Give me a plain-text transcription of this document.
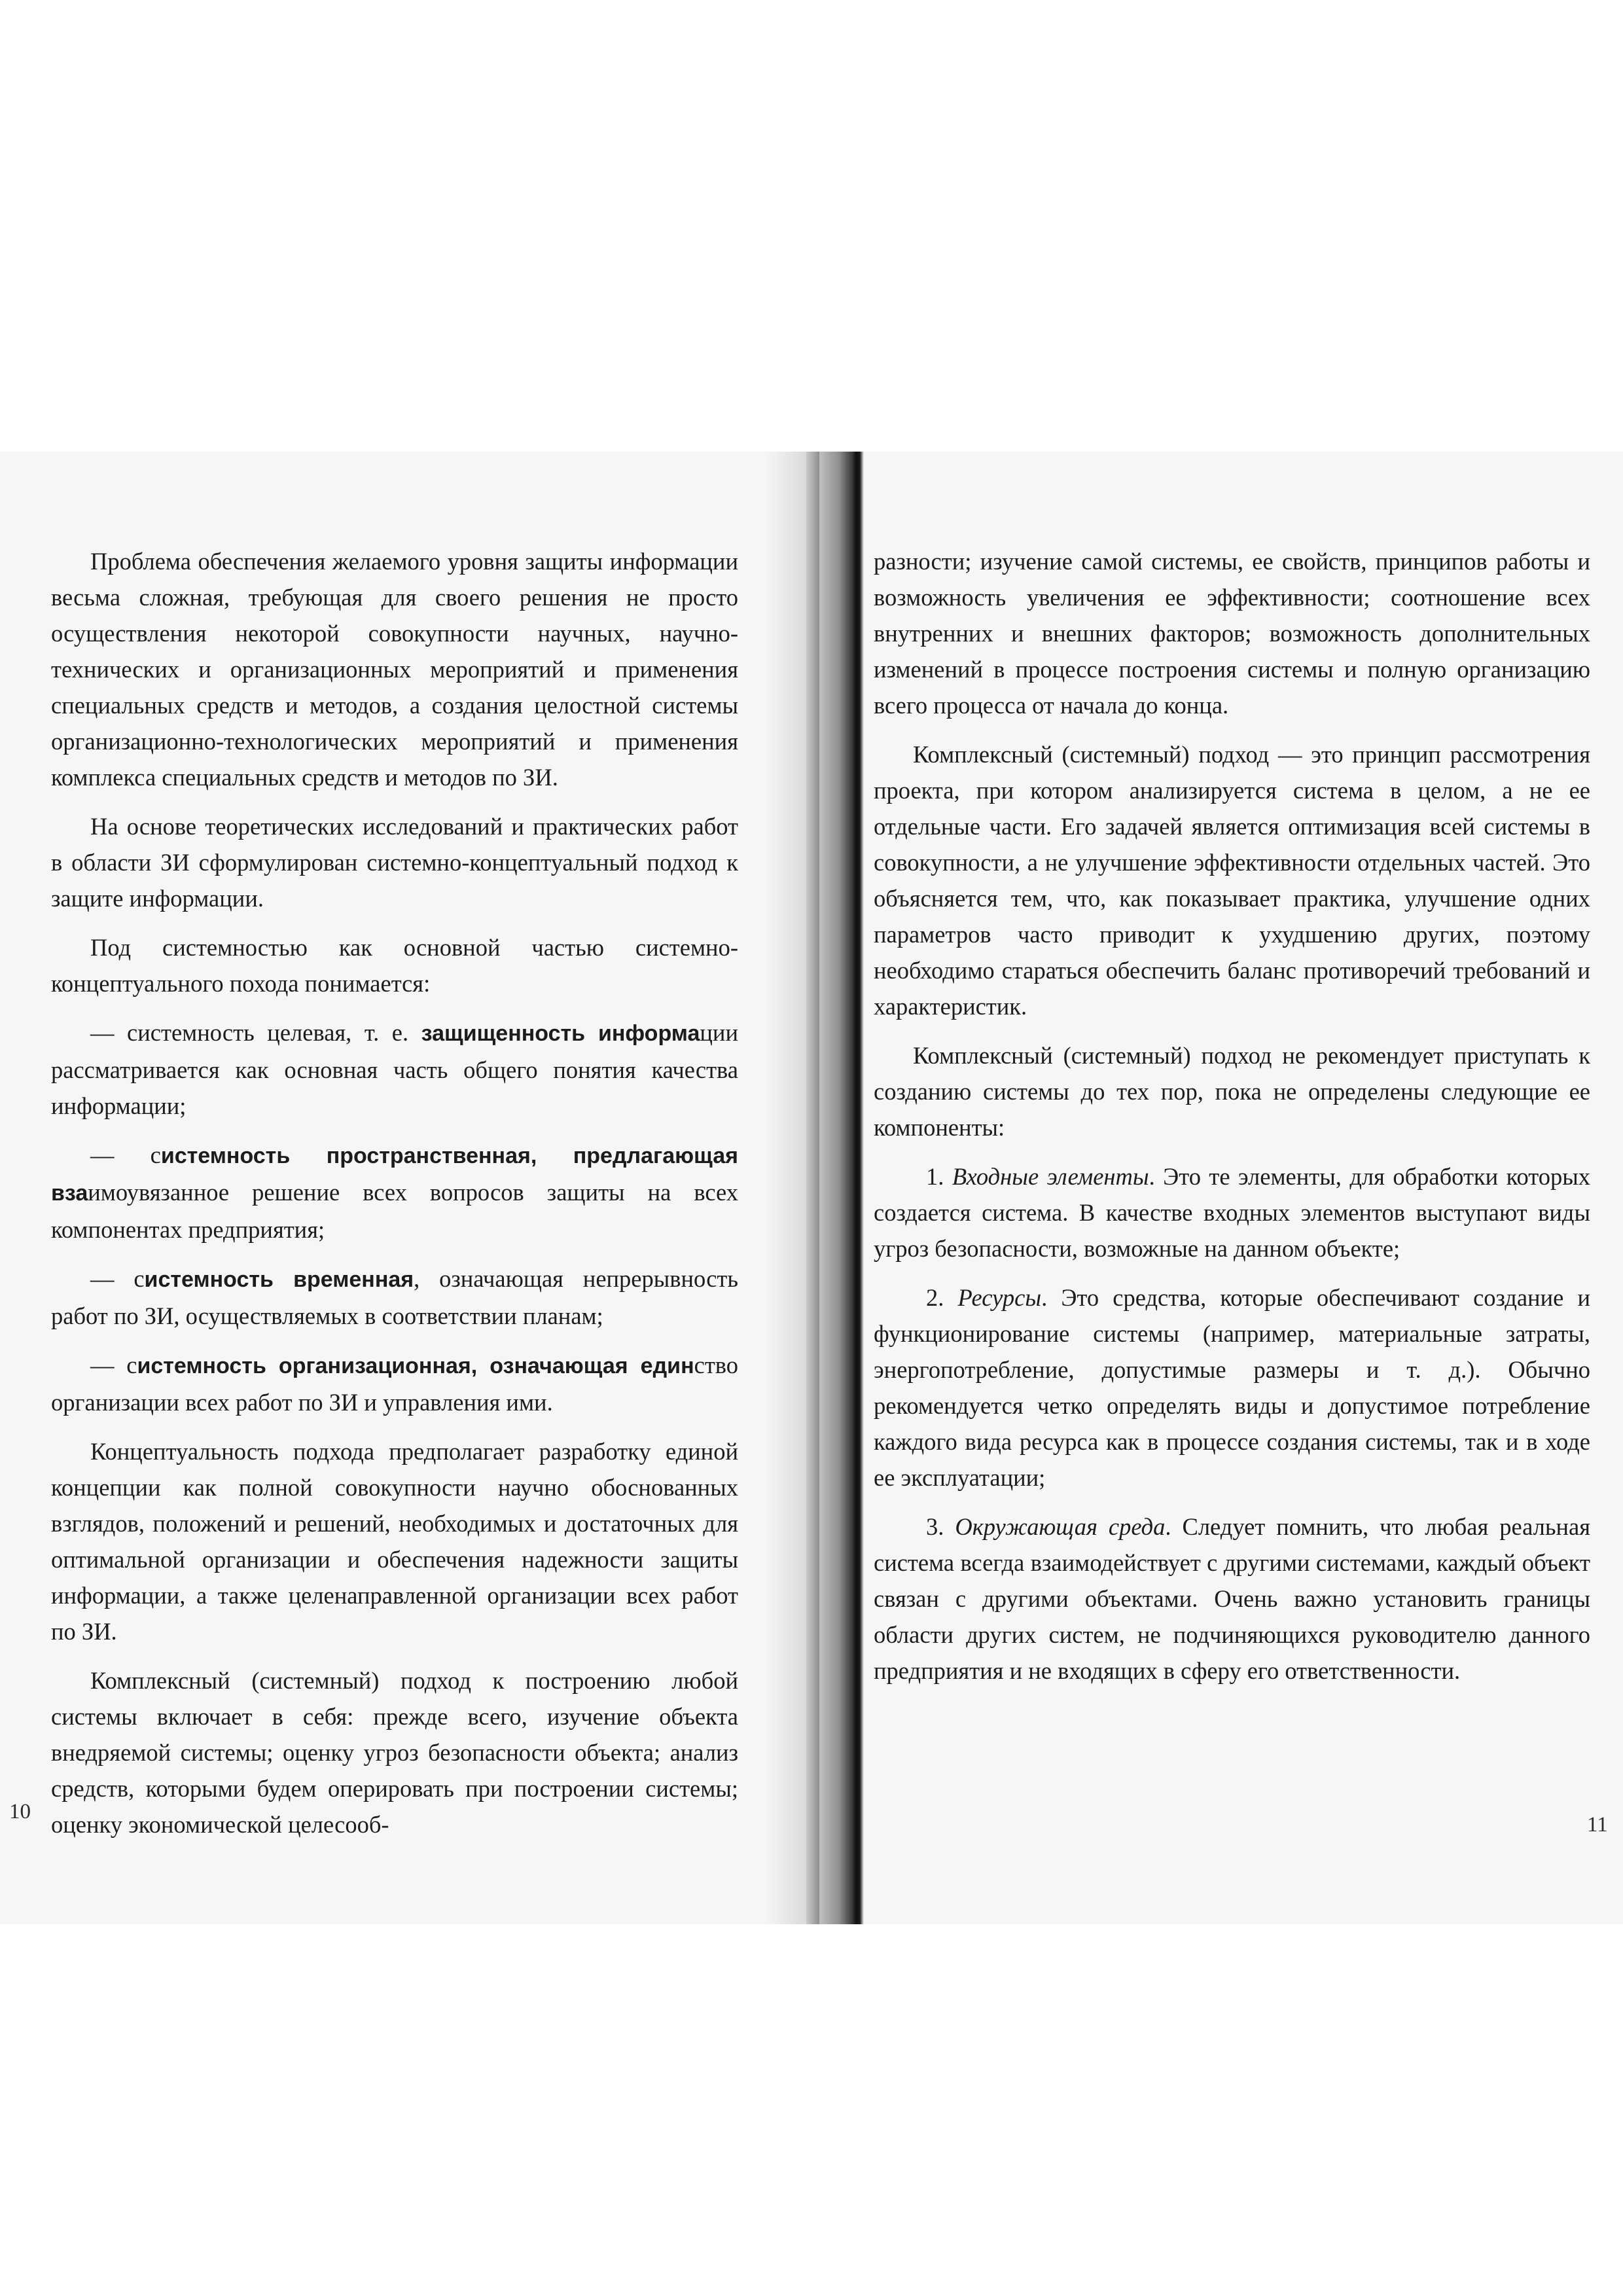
Проблема обеспечения желаемого уровня защиты информации весьма сложная, требующая для своего решения не просто осуществления некоторой совокупности научных, научно-технических и организационных мероприятий и применения специальных средств и методов, а создания целостной системы организационно-технологических мероприятий и применения комплекса специальных средств и методов по ЗИ.

На основе теоретических исследований и практических работ в области ЗИ сформулирован системно-концептуальный подход к защите информации.

Под системностью как основной частью системно-концептуального похода понимается:

— системность целевая, т. е. защищенность информации рассматривается как основная часть общего понятия качества информации;

— системность пространственная, предлагающая взаимоувязанное решение всех вопросов защиты на всех компонентах предприятия;

— системность временная, означающая непрерывность работ по ЗИ, осуществляемых в соответствии планам;

— системность организационная, означающая единство организации всех работ по ЗИ и управления ими.

Концептуальность подхода предполагает разработку единой концепции как полной совокупности научно обоснованных взглядов, положений и решений, необходимых и достаточных для оптимальной организации и обеспечения надежности защиты информации, а также целенаправленной организации всех работ по ЗИ.

Комплексный (системный) подход к построению любой системы включает в себя: прежде всего, изучение объекта внедряемой системы; оценку угроз безопасности объекта; анализ средств, которыми будем оперировать при построении системы; оценку экономической целесооб-

разности; изучение самой системы, ее свойств, принципов работы и возможность увеличения ее эффективности; соотношение всех внутренних и внешних факторов; возможность дополнительных изменений в процессе построения системы и полную организацию всего процесса от начала до конца.

Комплексный (системный) подход — это принцип рассмотрения проекта, при котором анализируется система в целом, а не ее отдельные части. Его задачей является оптимизация всей системы в совокупности, а не улучшение эффективности отдельных частей. Это объясняется тем, что, как показывает практика, улучшение одних параметров часто приводит к ухудшению других, поэтому необходимо стараться обеспечить баланс противоречий требований и характеристик.

Комплексный (системный) подход не рекомендует приступать к созданию системы до тех пор, пока не определены следующие ее компоненты:

1. Входные элементы. Это те элементы, для обработки которых создается система. В качестве входных элементов выступают виды угроз безопасности, возможные на данном объекте;

2. Ресурсы. Это средства, которые обеспечивают создание и функционирование системы (например, материальные затраты, энергопотребление, допустимые размеры и т. д.). Обычно рекомендуется четко определять виды и допустимое потребление каждого вида ресурса как в процессе создания системы, так и в ходе ее эксплуатации;

3. Окружающая среда. Следует помнить, что любая реальная система всегда взаимодействует с другими системами, каждый объект связан с другими объектами. Очень важно установить границы области других систем, не подчиняющихся руководителю данного предприятия и не входящих в сферу его ответственности.

10
11
